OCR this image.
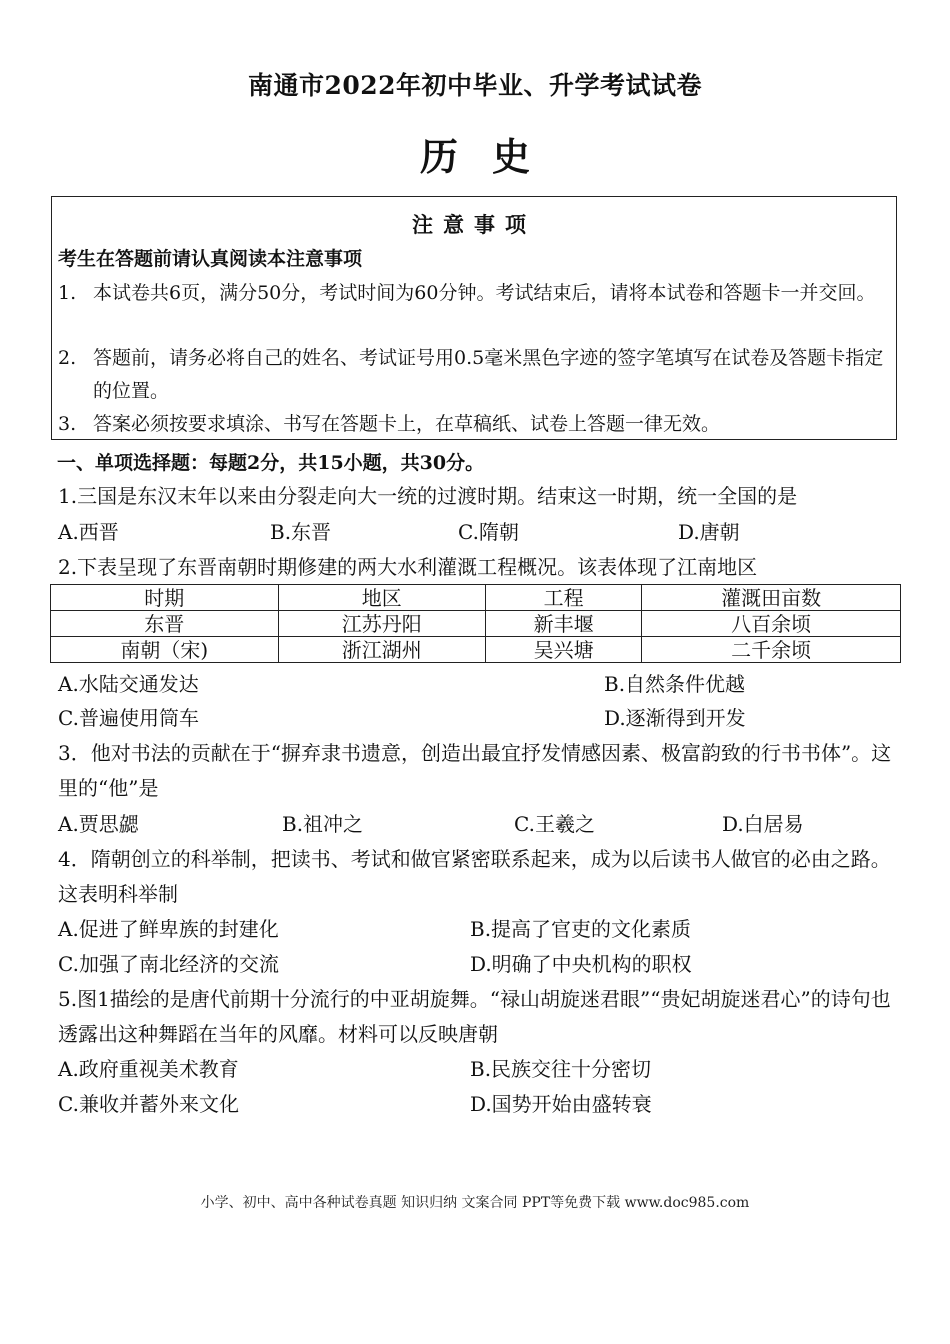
南通市2022年初中毕业、升学考试试卷
历史
注意事项
考生在答题前请认真阅读本注意事项
1. 本试卷共6页，满分50分，考试时间为60分钟。考试结束后，请将本试卷和答题卡一并交回。
2. 答题前，请务必将自己的姓名、考试证号用0.5毫米黑色字迹的签字笔填写在试卷及答题卡指定的位置。
3. 答案必须按要求填涂、书写在答题卡上，在草稿纸、试卷上答题一律无效。
一、单项选择题：每题2分，共15小题，共30分。
1.三国是东汉末年以来由分裂走向大一统的过渡时期。结束这一时期，统一全国的是
A.西晋	B.东晋	C.隋朝	D.唐朝
2.下表呈现了东晋南朝时期修建的两大水利灌溉工程概况。该表体现了江南地区
时期	地区	工程	灌溉田亩数
东晋	江苏丹阳	新丰堰	八百余顷
南朝（宋)	浙江湖州	吴兴塘	二千余顷
A.水陆交通发达	B.自然条件优越
C.普遍使用筒车	D.逐渐得到开发
3．他对书法的贡献在于“摒弃隶书遗意，创造出最宜抒发情感因素、极富韵致的行书书体”。这里的“他”是
A.贾思勰	B.祖冲之	C.王羲之	D.白居易
4．隋朝创立的科举制，把读书、考试和做官紧密联系起来，成为以后读书人做官的必由之路。这表明科举制
A.促进了鲜卑族的封建化	B.提高了官吏的文化素质
C.加强了南北经济的交流	D.明确了中央机构的职权
5.图1描绘的是唐代前期十分流行的中亚胡旋舞。“禄山胡旋迷君眼”“贵妃胡旋迷君心”的诗句也透露出这种舞蹈在当年的风靡。材料可以反映唐朝
A.政府重视美术教育	B.民族交往十分密切
C.兼收并蓄外来文化	D.国势开始由盛转衰
小学、初中、高中各种试卷真题 知识归纳 文案合同 PPT等免费下载 www.doc985.com
